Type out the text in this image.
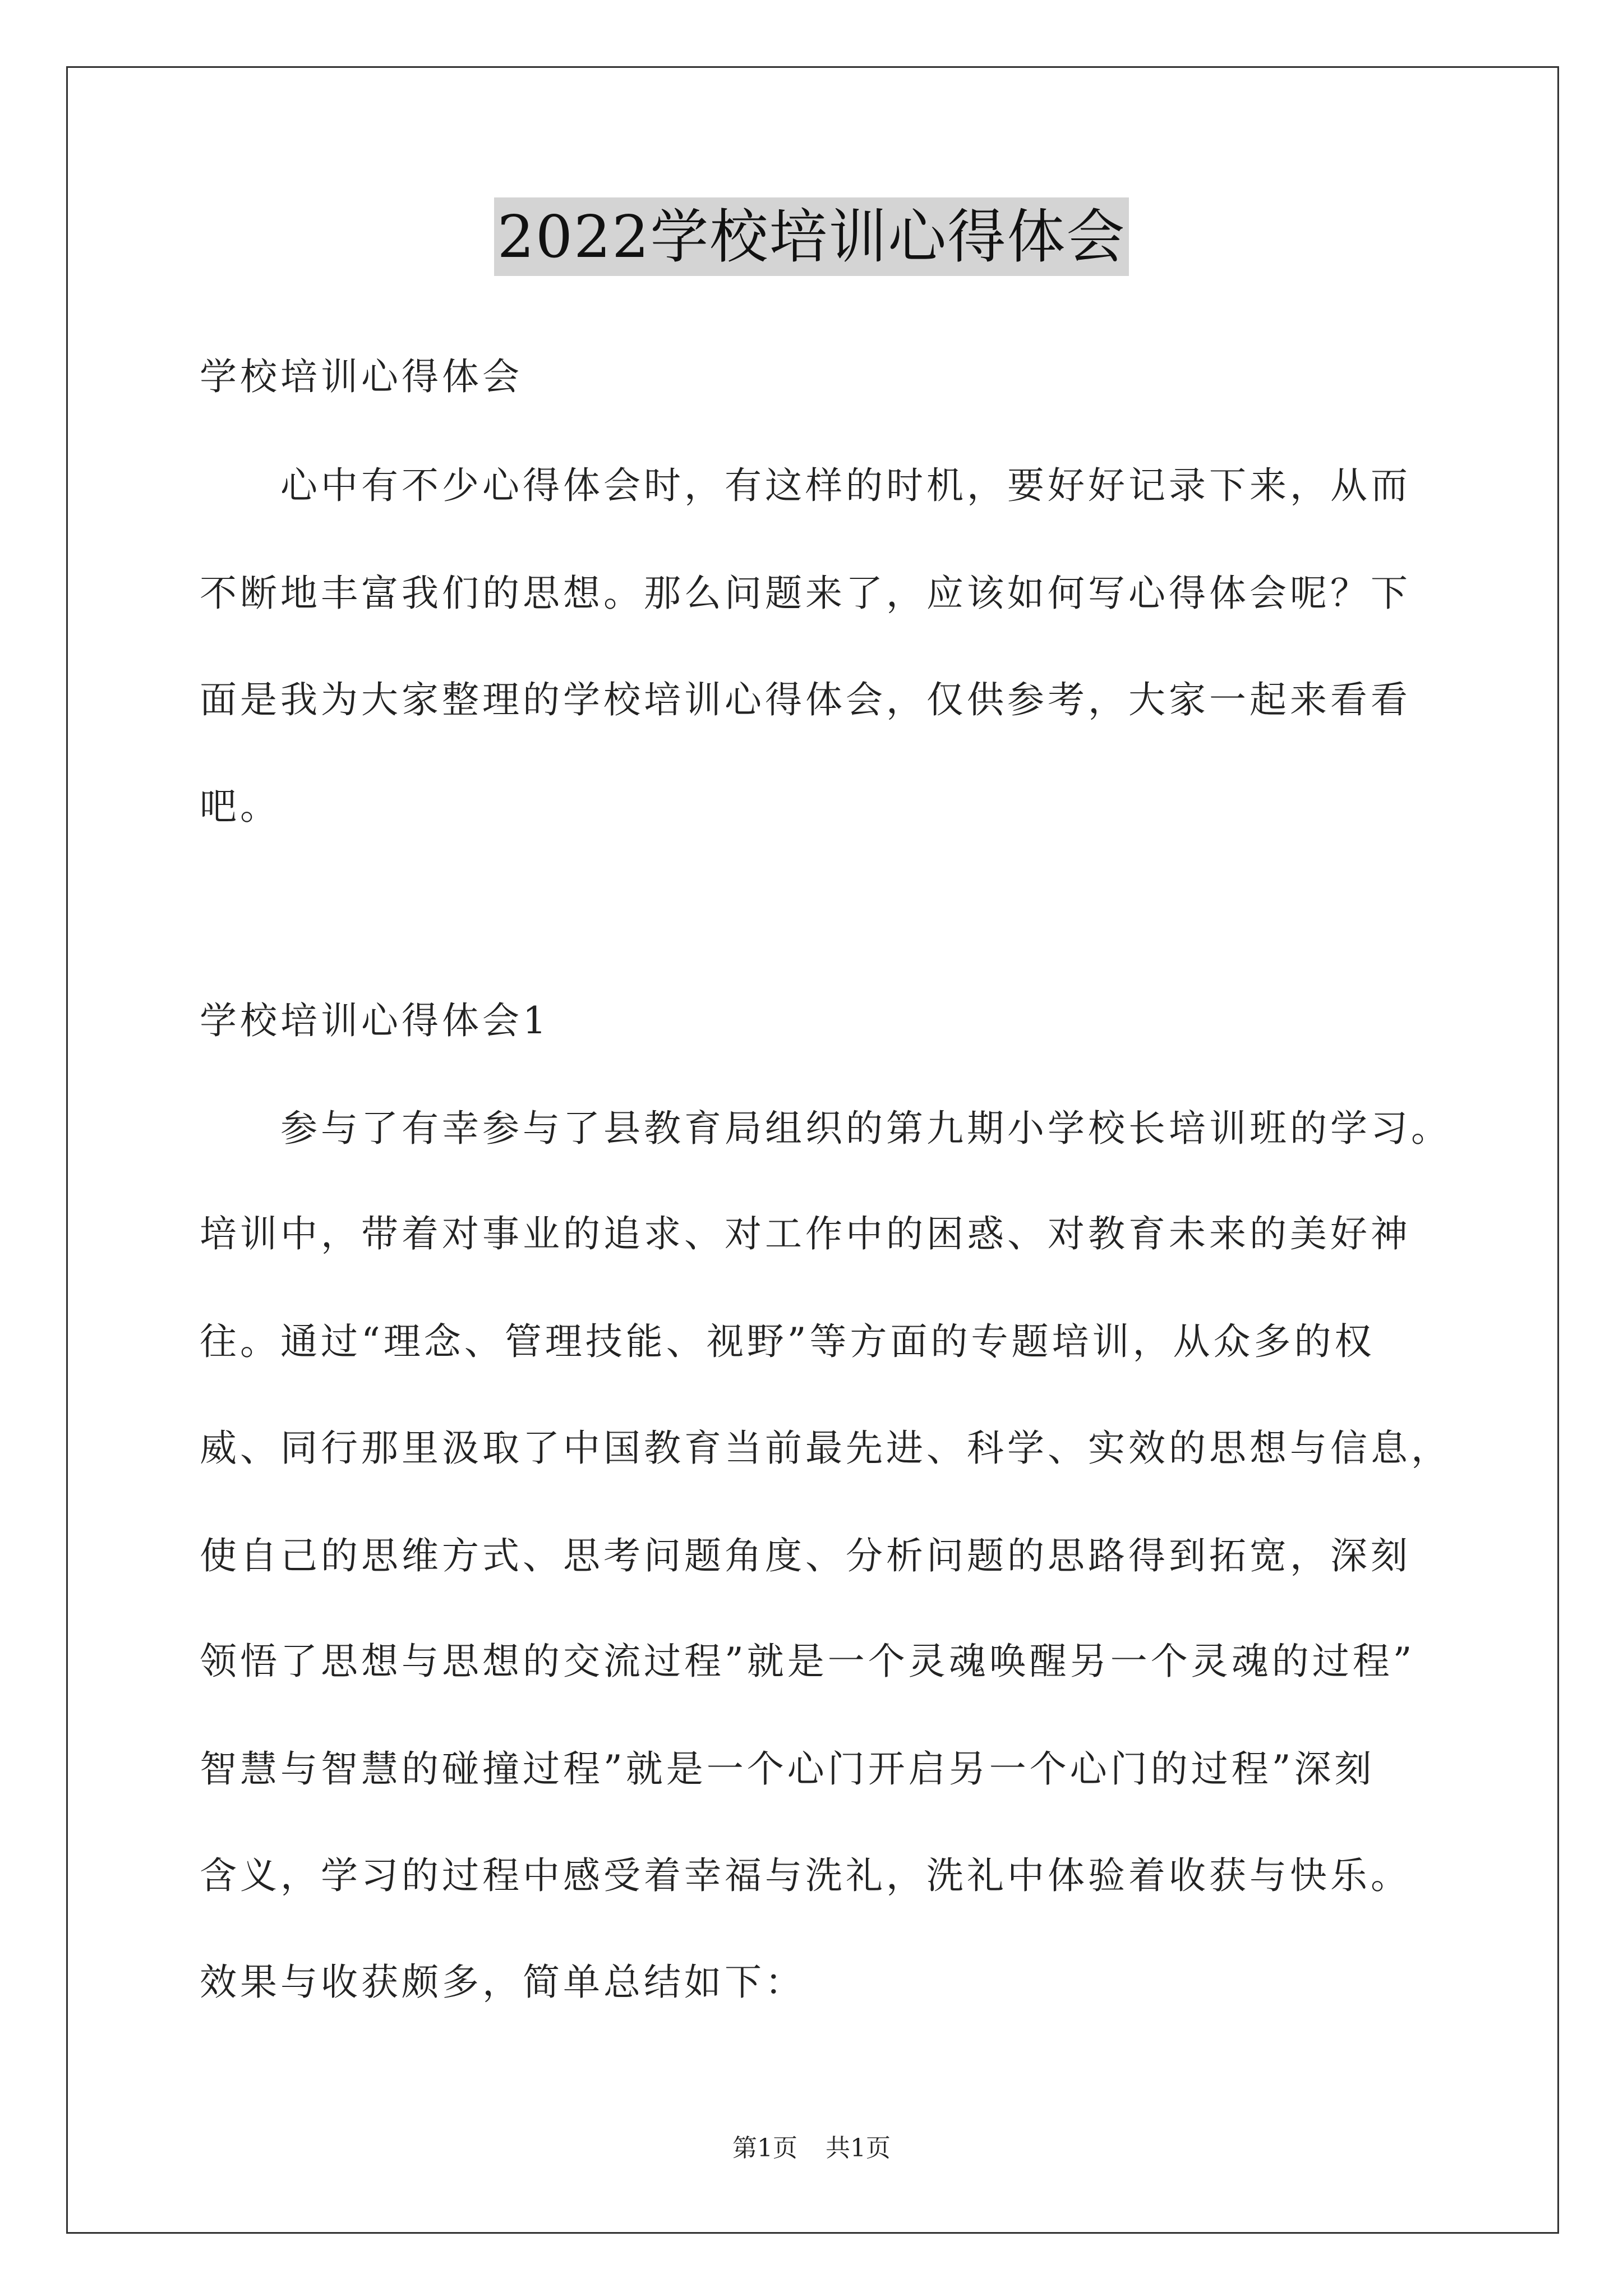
2022学校培训心得体会

学校培训心得体会

心中有不少心得体会时，有这样的时机，要好好记录下来，从而

不断地丰富我们的思想。那么问题来了，应该如何写心得体会呢？下

面是我为大家整理的学校培训心得体会，仅供参考，大家一起来看看

吧。

学校培训心得体会1

参与了有幸参与了县教育局组织的第九期小学校长培训班的学习。

培训中，带着对事业的追求、对工作中的困惑、对教育未来的美好神

往。通过“理念、管理技能、视野”等方面的专题培训，从众多的权

威、同行那里汲取了中国教育当前最先进、科学、实效的思想与信息，

使自己的思维方式、思考问题角度、分析问题的思路得到拓宽，深刻

领悟了思想与思想的交流过程”就是一个灵魂唤醒另一个灵魂的过程”

智慧与智慧的碰撞过程”就是一个心门开启另一个心门的过程”深刻

含义，学习的过程中感受着幸福与洗礼，洗礼中体验着收获与快乐。

效果与收获颇多，简单总结如下：

第1页 共1页
